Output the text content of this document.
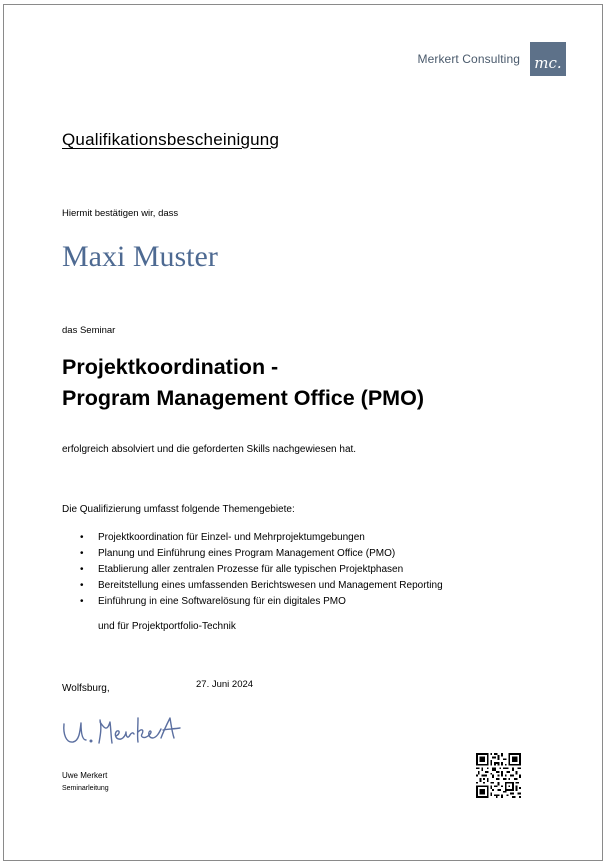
Merkert Consulting mc.
Qualifikationsbescheinigung
Hiermit bestätigen wir, dass
Maxi Muster
das Seminar
Projektkoordination -
Program Management Office (PMO)
erfolgreich absolviert und die geforderten Skills nachgewiesen hat.
Die Qualifizierung umfasst folgende Themengebiete:
• Projektkoordination für Einzel- und Mehrprojektumgebungen
• Planung und Einführung eines Program Management Office (PMO)
• Etablierung aller zentralen Prozesse für alle typischen Projektphasen
• Bereitstellung eines umfassenden Berichtswesen und Management Reporting
• Einführung in eine Softwarelösung für ein digitales PMO
und für Projektportfolio-Technik
Wolfsburg,	27. Juni 2024
Uwe Merkert
Seminarleitung
